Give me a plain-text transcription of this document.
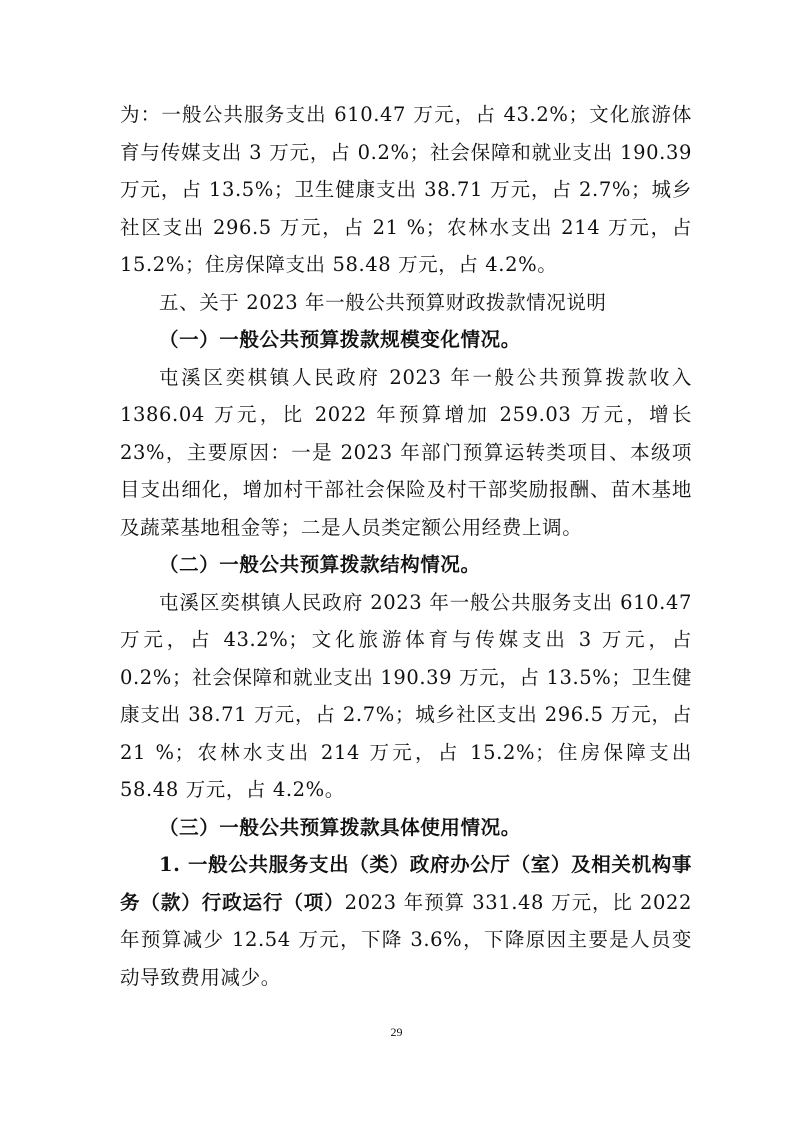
为：一般公共服务支出 610.47 万元，占 43.2%；文化旅游体育与传媒支出 3 万元，占 0.2%；社会保障和就业支出 190.39 万元，占 13.5%；卫生健康支出 38.71 万元，占 2.7%；城乡社区支出 296.5 万元，占 21 %；农林水支出 214 万元，占 15.2%；住房保障支出 58.48 万元，占 4.2%。

五、关于 2023 年一般公共预算财政拨款情况说明

（一）一般公共预算拨款规模变化情况。

屯溪区奕棋镇人民政府 2023 年一般公共预算拨款收入 1386.04 万元，比 2022 年预算增加 259.03 万元，增长 23%，主要原因：一是 2023 年部门预算运转类项目、本级项目支出细化，增加村干部社会保险及村干部奖励报酬、苗木基地及蔬菜基地租金等；二是人员类定额公用经费上调。

（二）一般公共预算拨款结构情况。

屯溪区奕棋镇人民政府 2023 年一般公共服务支出 610.47 万元，占 43.2%；文化旅游体育与传媒支出 3 万元，占 0.2%；社会保障和就业支出 190.39 万元，占 13.5%；卫生健康支出 38.71 万元，占 2.7%；城乡社区支出 296.5 万元，占 21 %；农林水支出 214 万元，占 15.2%；住房保障支出 58.48 万元，占 4.2%。

（三）一般公共预算拨款具体使用情况。

1. 一般公共服务支出（类）政府办公厅（室）及相关机构事务（款）行政运行（项）2023 年预算 331.48 万元，比 2022 年预算减少 12.54 万元，下降 3.6%，下降原因主要是人员变动导致费用减少。

29
